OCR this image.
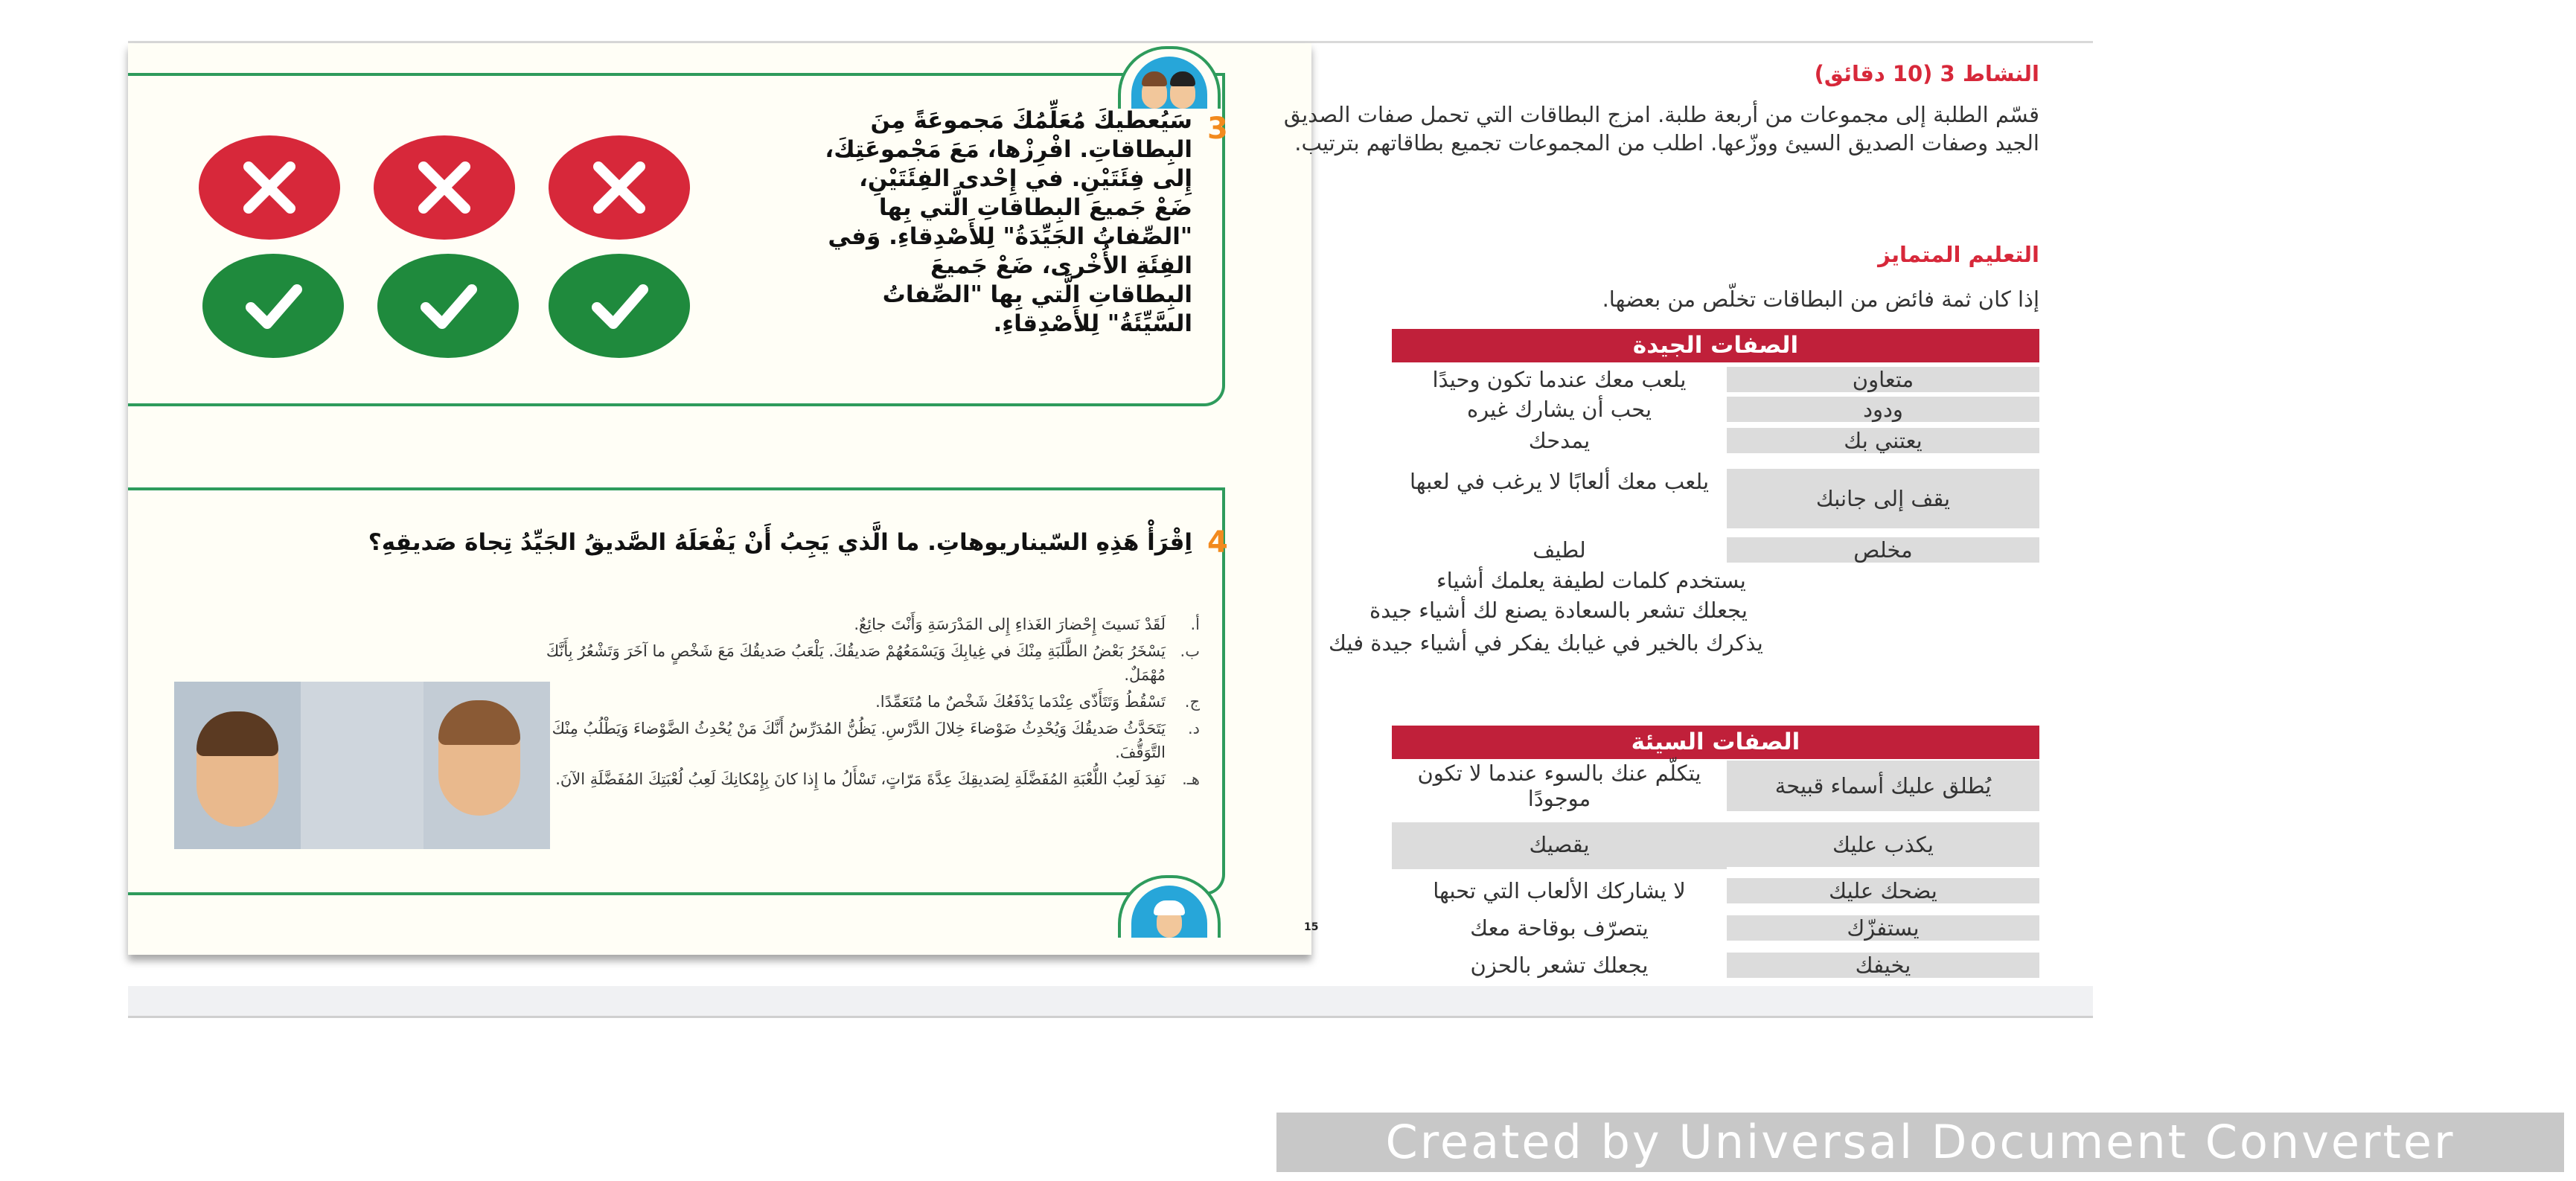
3
سَيُعطيكَ مُعَلِّمُكَ مَجموعَةً مِنَ البِطاقاتِ. افْرِزْها، مَعَ مَجْموعَتِكَ، إِلى فِئَتَيْنِ. في إِحْدى الفِئَتَيْنِ، ضَعْ جَميعَ البِطاقاتِ الَّتي بِها "الصِّفاتُ الجَيِّدَةُ" لِلأَصْدِقاءِ. وَفي الفِئَةِ الأُخْرى، ضَعْ جَميعَ البِطاقاتِ الَّتي بِها "الصِّفاتُ السَّيِّئَةُ" لِلأَصْدِقاءِ.
4
اِقْرَأْ هَذِهِ السّيناريوهاتِ. ما الَّذي يَجِبُ أَنْ يَفْعَلَهُ الصَّديقُ الجَيِّدُ تِجاهَ صَديقِهِ؟
أ.
لَقَدْ نَسيتَ إِحْضارَ الغَذاءِ إِلى المَدْرَسَةِ وَأَنْتَ جائِعٌ.
ب.
يَسْخَرُ بَعْضُ الطَّلَبَةِ مِنْكَ في غِيابِكَ وَيَسْمَعُهُمْ صَديقُكَ. يَلْعَبُ صَديقُكَ مَعَ شَخْصٍ ما آخَرَ وَتَشْعُرُ بِأَنَّكَ مُهْمَلٌ.
ج.
تَسْقُطُ وَتَتَأَذّى عِنْدَما يَدْفَعُكَ شَخْصٌ ما مُتَعَمِّدًا.
د.
يَتَحَدَّثُ صَديقُكَ وَيُحْدِثُ ضَوْضاءَ خِلالَ الدَّرْسِ. يَظُنُّ المُدَرِّسُ أَنَّكَ مَنْ يُحْدِثُ الضَّوْضاءَ وَيَطْلُبُ مِنْكَ التَّوَقُّفَ.
هـ.
نَفِدَ لَعِبُ اللُّعْبَةِ المُفَضَّلَةِ لِصَديقِكَ عِدَّةَ مَرّاتٍ، تَسْأَلُ ما إِذا كانَ بِإِمْكانِكَ لَعِبُ لُعْبَتِكَ المُفَضَّلَةِ الآنَ.
15
النشاط 3 (10 دقائق)
قسّم الطلبة إلى مجموعات من أربعة طلبة. امزج البطاقات التي تحمل صفات الصديق الجيد وصفات الصديق السيئ ووزّعها. اطلب من المجموعات تجميع بطاقاتهم بترتيب.
التعليم المتمايز
إذا كان ثمة فائض من البطاقات تخلّص من بعضها.
الصفات الجيدة
متعاون
يلعب معك عندما تكون وحيدًا
ودود
يحب أن يشارك غيره
يعتني بك
يمدحك
يقف إلى جانبك
يلعب معك ألعابًا لا يرغب في لعبها
مخلص
لطيف
يستخدم كلمات لطيفة يعلمك أشياء
يجعلك تشعر بالسعادة يصنع لك أشياء جيدة
يذكرك بالخير في غيابك يفكر في أشياء جيدة فيك
الصفات السيئة
يُطلق عليك أسماء قبيحة
يتكلّم عنك بالسوء عندما لا تكون موجودًا
يكذب عليك
يقصيك
يضحك عليك
لا يشاركك الألعاب التي تحبها
يستفزّك
يتصرّف بوقاحة معك
يخيفك
يجعلك تشعر بالحزن
Created by Universal Document Converter
